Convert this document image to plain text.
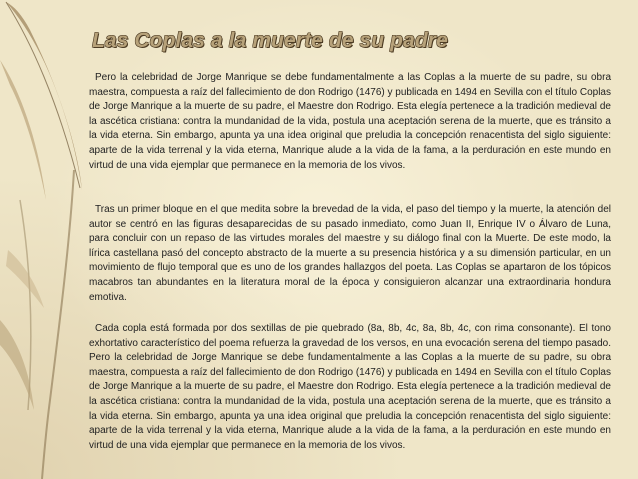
Las Coplas a la muerte de su padre

Pero la celebridad de Jorge Manrique se debe fundamentalmente a las Coplas a la muerte de su padre, su obra maestra, compuesta a raíz del fallecimiento de don Rodrigo (1476) y publicada en 1494 en Sevilla con el título Coplas de Jorge Manrique a la muerte de su padre, el Maestre don Rodrigo. Esta elegía pertenece a la tradición medieval de la ascética cristiana: contra la mundanidad de la vida, postula una aceptación serena de la muerte, que es tránsito a la vida eterna. Sin embargo, apunta ya una idea original que preludia la concepción renacentista del siglo siguiente: aparte de la vida terrenal y la vida eterna, Manrique alude a la vida de la fama, a la perduración en este mundo en virtud de una vida ejemplar que permanece en la memoria de los vivos.

Tras un primer bloque en el que medita sobre la brevedad de la vida, el paso del tiempo y la muerte, la atención del autor se centró en las figuras desaparecidas de su pasado inmediato, como Juan II, Enrique IV o Álvaro de Luna, para concluir con un repaso de las virtudes morales del maestre y su diálogo final con la Muerte. De este modo, la lírica castellana pasó del concepto abstracto de la muerte a su presencia histórica y a su dimensión particular, en un movimiento de flujo temporal que es uno de los grandes hallazgos del poeta. Las Coplas se apartaron de los tópicos macabros tan abundantes en la literatura moral de la época y consiguieron alcanzar una extraordinaria hondura emotiva.

Cada copla está formada por dos sextillas de pie quebrado (8a, 8b, 4c, 8a, 8b, 4c, con rima consonante). El tono exhortativo característico del poema refuerza la gravedad de los versos, en una evocación serena del tiempo pasado. Pero la celebridad de Jorge Manrique se debe fundamentalmente a las Coplas a la muerte de su padre, su obra maestra, compuesta a raíz del fallecimiento de don Rodrigo (1476) y publicada en 1494 en Sevilla con el título Coplas de Jorge Manrique a la muerte de su padre, el Maestre don Rodrigo. Esta elegía pertenece a la tradición medieval de la ascética cristiana: contra la mundanidad de la vida, postula una aceptación serena de la muerte, que es tránsito a la vida eterna. Sin embargo, apunta ya una idea original que preludia la concepción renacentista del siglo siguiente: aparte de la vida terrenal y la vida eterna, Manrique alude a la vida de la fama, a la perduración en este mundo en virtud de una vida ejemplar que permanece en la memoria de los vivos.
